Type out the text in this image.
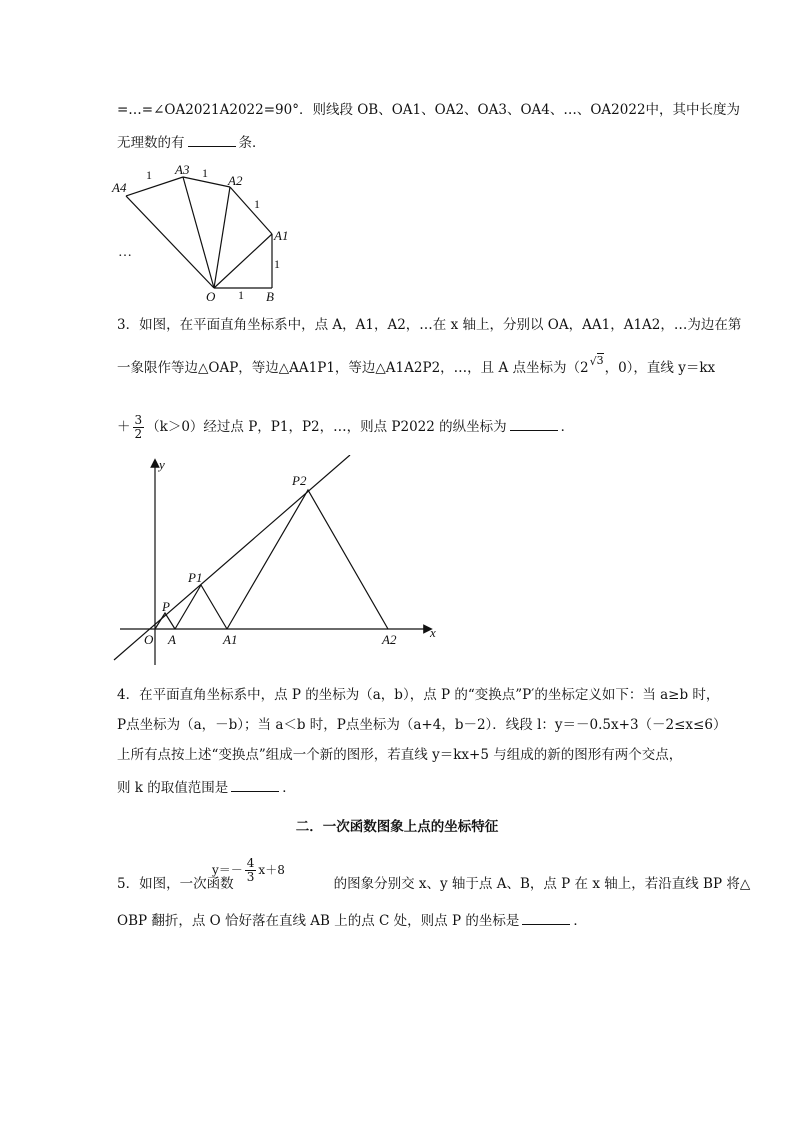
=…=∠OA2021A2022=90°．则线段 OB、OA1、OA2、OA3、OA4、…、OA2022中，其中长度为
无理数的有	条．
A4
A3
A2
A1
O	B
1	1
1
1
1
…
3．如图，在平面直角坐标系中，点 A，A1，A2，…在 x 轴上，分别以 OA，AA1，A1A2，…为边在第
一象限作等边△OAP，等边△AA1P1，等边△A1A2P2，…，且 A 点坐标为（$2^{√3}$，0），直线 y＝kx
＋ $\frac{3}{2} (k>0)$经过点 P，P1，P2，…，则点 P2022 的纵坐标为	．
y
x
O
P
P1
P2
A	A1	A2
4．在平面直角坐标系中，点 P 的坐标为（a，b），点 P 的“变换点”P′的坐标定义如下：当 a≥b 时，
P点坐标为（a，－b）；当 a＜b 时，P点坐标为（a+4，b－2）．线段 l：y＝－0.5x+3（－2≤x≤6）
上所有点按上述“变换点”组成一个新的图形，若直线 y＝kx+5 与组成的新的图形有两个交点，
则 k 的取值范围是	．
二．一次函数图象上点的坐标特征
$y=- \frac{4}{3} x+8$
5．如图，一次函数	的图象分别交 x、y 轴于点 A、B，点 P 在 x 轴上，若沿直线 BP 将△
OBP 翻折，点 O 恰好落在直线 AB 上的点 C 处，则点 P 的坐标是	．
